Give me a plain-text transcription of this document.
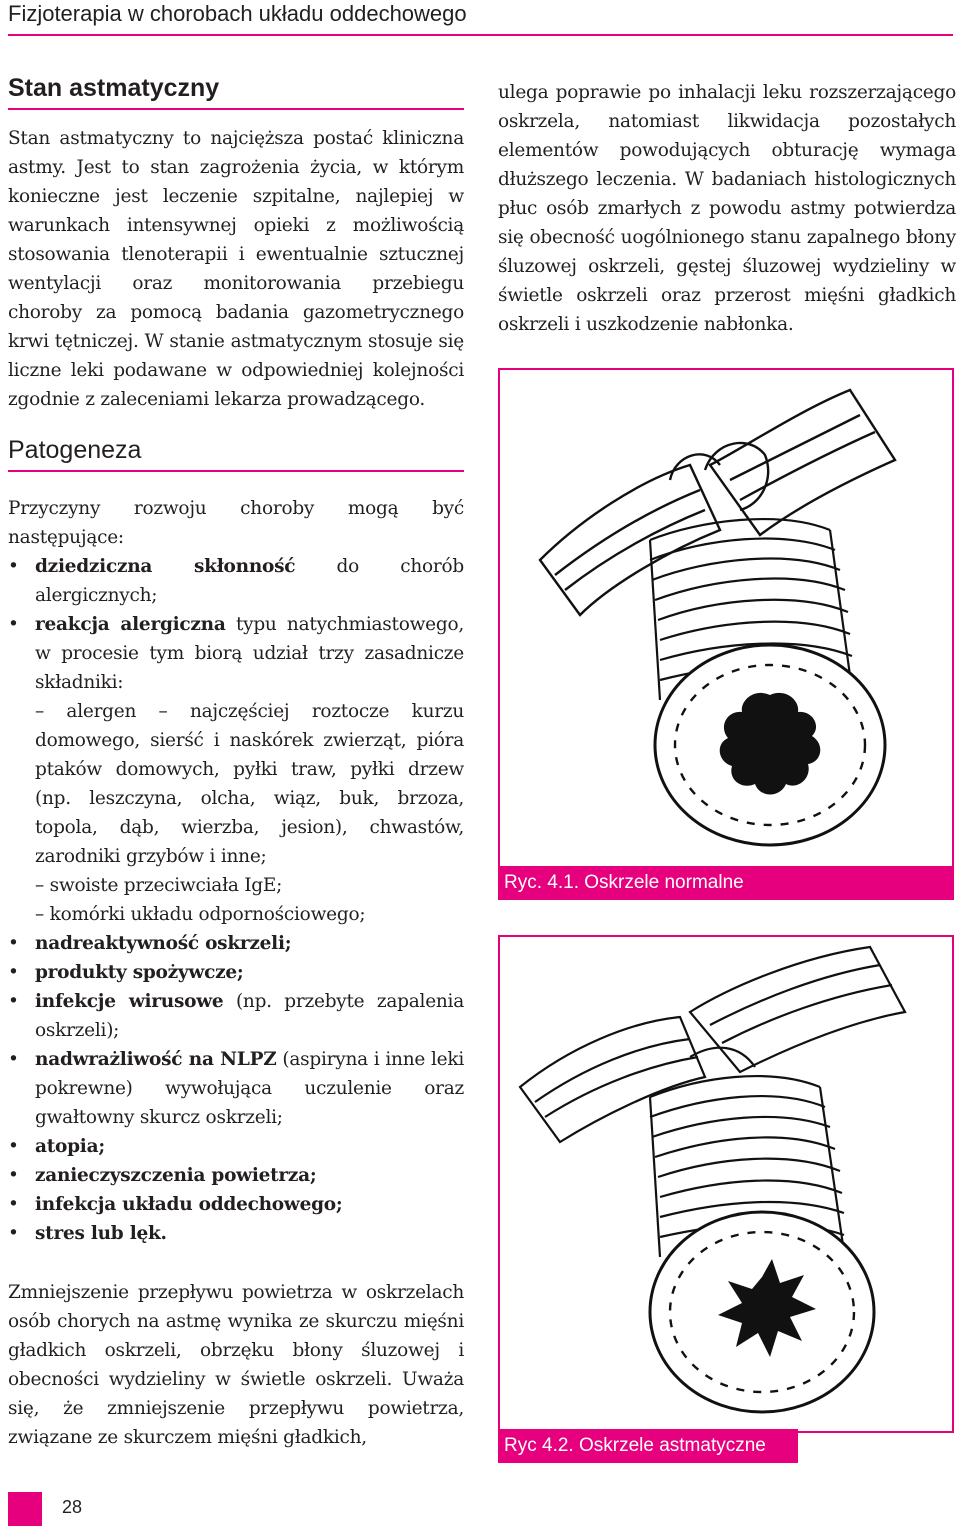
Fizjoterapia w chorobach układu oddechowego
Stan astmatyczny

Stan astmatyczny to najcięższa postać kliniczna astmy. Jest to stan zagrożenia życia, w którym konieczne jest leczenie szpitalne, najlepiej w warunkach intensywnej opieki z możliwością stosowania tlenoterapii i ewentualnie sztucznej wentylacji oraz monitorowania przebiegu choroby za pomocą badania gazometrycznego krwi tętniczej. W stanie astmatycznym stosuje się liczne leki podawane w odpowiedniej kolejności zgodnie z zaleceniami lekarza prowadzącego.

Patogeneza

Przyczyny rozwoju choroby mogą być następujące:

• dziedziczna skłonność do chorób alergicznych;
• reakcja alergiczna typu natychmiastowego, w procesie tym biorą udział trzy zasadnicze składniki:
– alergen – najczęściej roztocze kurzu domowego, sierść i naskórek zwierząt, pióra ptaków domowych, pyłki traw, pyłki drzew (np. leszczyna, olcha, wiąz, buk, brzoza, topola, dąb, wierzba, jesion), chwastów, zarodniki grzybów i inne;
– swoiste przeciwciała IgE;
– komórki układu odpornościowego;
• nadreaktywność oskrzeli;
• produkty spożywcze;
• infekcje wirusowe (np. przebyte zapalenia oskrzeli);
• nadwrażliwość na NLPZ (aspiryna i inne leki pokrewne) wywołująca uczulenie oraz gwałtowny skurcz oskrzeli;
• atopia;
• zanieczyszczenia powietrza;
• infekcja układu oddechowego;
• stres lub lęk.

Zmniejszenie przepływu powietrza w oskrzelach osób chorych na astmę wynika ze skurczu mięśni gładkich oskrzeli, obrzęku błony śluzowej i obecności wydzieliny w świetle oskrzeli. Uważa się, że zmniejszenie przepływu powietrza, związane ze skurczem mięśni gładkich,

ulega poprawie po inhalacji leku rozszerzającego oskrzela, natomiast likwidacja pozostałych elementów powodujących obturację wymaga dłuższego leczenia. W badaniach histologicznych płuc osób zmarłych z powodu astmy potwierdza się obecność uogólnionego stanu zapalnego błony śluzowej oskrzeli, gęstej śluzowej wydzieliny w świetle oskrzeli oraz przerost mięśni gładkich oskrzeli i uszkodzenie nabłonka.

Ryc. 4.1. Oskrzele normalne
Ryc 4.2. Oskrzele astmatyczne
28
